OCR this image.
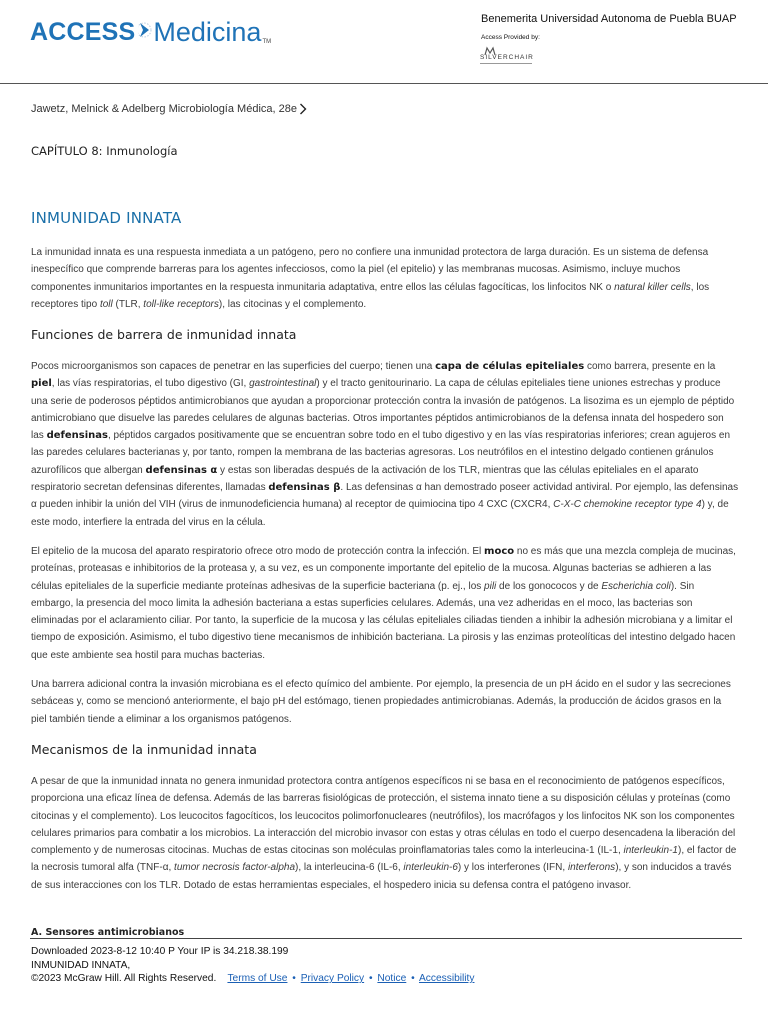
ACCESS Medicina TM
Benemerita Universidad Autonoma de Puebla BUAP
Access Provided by:
SILVERCHAIR
Jawetz, Melnick & Adelberg Microbiología Médica, 28e
CAPÍTULO 8: Inmunología
INMUNIDAD INNATA
La inmunidad innata es una respuesta inmediata a un patógeno, pero no confiere una inmunidad protectora de larga duración. Es un sistema de defensa inespecífico que comprende barreras para los agentes infecciosos, como la piel (el epitelio) y las membranas mucosas. Asimismo, incluye muchos componentes inmunitarios importantes en la respuesta inmunitaria adaptativa, entre ellos las células fagocíticas, los linfocitos NK o natural killer cells, los receptores tipo toll (TLR, toll-like receptors), las citocinas y el complemento.
Funciones de barrera de inmunidad innata
Pocos microorganismos son capaces de penetrar en las superficies del cuerpo; tienen una capa de células epiteliales como barrera, presente en la piel, las vías respiratorias, el tubo digestivo (GI, gastrointestinal) y el tracto genitourinario. La capa de células epiteliales tiene uniones estrechas y produce una serie de poderosos péptidos antimicrobianos que ayudan a proporcionar protección contra la invasión de patógenos. La lisozima es un ejemplo de péptido antimicrobiano que disuelve las paredes celulares de algunas bacterias. Otros importantes péptidos antimicrobianos de la defensa innata del hospedero son las defensinas, péptidos cargados positivamente que se encuentran sobre todo en el tubo digestivo y en las vías respiratorias inferiores; crean agujeros en las paredes celulares bacterianas y, por tanto, rompen la membrana de las bacterias agresoras. Los neutrófilos en el intestino delgado contienen gránulos azurofílicos que albergan defensinas α y estas son liberadas después de la activación de los TLR, mientras que las células epiteliales en el aparato respiratorio secretan defensinas diferentes, llamadas defensinas β. Las defensinas α han demostrado poseer actividad antiviral. Por ejemplo, las defensinas α pueden inhibir la unión del VIH (virus de inmunodeficiencia humana) al receptor de quimiocina tipo 4 CXC (CXCR4, C-X-C chemokine receptor type 4) y, de este modo, interfiere la entrada del virus en la célula.
El epitelio de la mucosa del aparato respiratorio ofrece otro modo de protección contra la infección. El moco no es más que una mezcla compleja de mucinas, proteínas, proteasas e inhibitorios de la proteasa y, a su vez, es un componente importante del epitelio de la mucosa. Algunas bacterias se adhieren a las células epiteliales de la superficie mediante proteínas adhesivas de la superficie bacteriana (p. ej., los pili de los gonococos y de Escherichia coli). Sin embargo, la presencia del moco limita la adhesión bacteriana a estas superficies celulares. Además, una vez adheridas en el moco, las bacterias son eliminadas por el aclaramiento ciliar. Por tanto, la superficie de la mucosa y las células epiteliales ciliadas tienden a inhibir la adhesión microbiana y a limitar el tiempo de exposición. Asimismo, el tubo digestivo tiene mecanismos de inhibición bacteriana. La pirosis y las enzimas proteolíticas del intestino delgado hacen que este ambiente sea hostil para muchas bacterias.
Una barrera adicional contra la invasión microbiana es el efecto químico del ambiente. Por ejemplo, la presencia de un pH ácido en el sudor y las secreciones sebáceas y, como se mencionó anteriormente, el bajo pH del estómago, tienen propiedades antimicrobianas. Además, la producción de ácidos grasos en la piel también tiende a eliminar a los organismos patógenos.
Mecanismos de la inmunidad innata
A pesar de que la inmunidad innata no genera inmunidad protectora contra antígenos específicos ni se basa en el reconocimiento de patógenos específicos, proporciona una eficaz línea de defensa. Además de las barreras fisiológicas de protección, el sistema innato tiene a su disposición células y proteínas (como citocinas y el complemento). Los leucocitos fagocíticos, los leucocitos polimorfonucleares (neutrófilos), los macrófagos y los linfocitos NK son los componentes celulares primarios para combatir a los microbios. La interacción del microbio invasor con estas y otras células en todo el cuerpo desencadena la liberación del complemento y de numerosas citocinas. Muchas de estas citocinas son moléculas proinflamatorias tales como la interleucina-1 (IL-1, interleukin-1), el factor de la necrosis tumoral alfa (TNF-α, tumor necrosis factor-alpha), la interleucina-6 (IL-6, interleukin-6) y los interferones (IFN, interferons), y son inducidos a través de sus interacciones con los TLR. Dotado de estas herramientas especiales, el hospedero inicia su defensa contra el patógeno invasor.
A. Sensores antimicrobianos
Downloaded 2023-8-12 10:40 P Your IP is 34.218.38.199
INMUNIDAD INNATA,
©2023 McGraw Hill. All Rights Reserved. Terms of Use • Privacy Policy • Notice • Accessibility
